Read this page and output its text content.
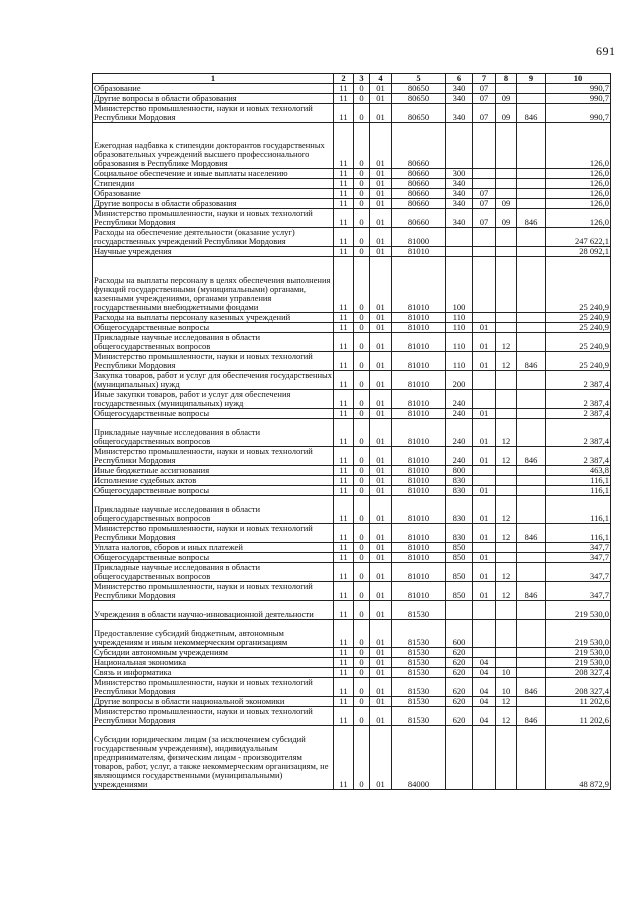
691
1	2	3	4	5	6	7	8	9	10
Образование	11	0	01	80650	340	07			990,7
Другие вопросы в области образования	11	0	01	80650	340	07	09		990,7
Министерство промышленности, науки и новых технологий Республики Мордовия	11	0	01	80650	340	07	09	846	990,7
Ежегодная надбавка к стипендии докторантов государственных образовательных учреждений высшего профессионального образования в Республике Мордовия	11	0	01	80660					126,0
Социальное обеспечение и иные выплаты населению	11	0	01	80660	300				126,0
Стипендии	11	0	01	80660	340				126,0
Образование	11	0	01	80660	340	07			126,0
Другие вопросы в области образования	11	0	01	80660	340	07	09		126,0
Министерство промышленности, науки и новых технологий Республики Мордовия	11	0	01	80660	340	07	09	846	126,0
Расходы на обеспечение деятельности (оказание услуг) государственных учреждений Республики Мордовия	11	0	01	81000					247 622,1
Научные учреждения	11	0	01	81010					28 092,1
Расходы на выплаты персоналу в целях обеспечения выполнения функций государственными (муниципальными) органами, казенными учреждениями, органами управления государственными внебюджетными фондами	11	0	01	81010	100				25 240,9
Расходы на выплаты персоналу казенных учреждений	11	0	01	81010	110				25 240,9
Общегосударственные вопросы	11	0	01	81010	110	01			25 240,9
Прикладные научные исследования в области общегосударственных вопросов	11	0	01	81010	110	01	12		25 240,9
Министерство промышленности, науки и новых технологий Республики Мордовия	11	0	01	81010	110	01	12	846	25 240,9
Закупка товаров, работ и услуг для обеспечения государственных (муниципальных) нужд	11	0	01	81010	200				2 387,4
Иные закупки товаров, работ и услуг для обеспечения государственных (муниципальных) нужд	11	0	01	81010	240				2 387,4
Общегосударственные вопросы	11	0	01	81010	240	01			2 387,4
Прикладные научные исследования в области общегосударственных вопросов	11	0	01	81010	240	01	12		2 387,4
Министерство промышленности, науки и новых технологий Республики Мордовия	11	0	01	81010	240	01	12	846	2 387,4
Иные бюджетные ассигнования	11	0	01	81010	800				463,8
Исполнение судебных актов	11	0	01	81010	830				116,1
Общегосударственные вопросы	11	0	01	81010	830	01			116,1
Прикладные научные исследования в области общегосударственных вопросов	11	0	01	81010	830	01	12		116,1
Министерство промышленности, науки и новых технологий Республики Мордовия	11	0	01	81010	830	01	12	846	116,1
Уплата налогов, сборов и иных платежей	11	0	01	81010	850				347,7
Общегосударственные вопросы	11	0	01	81010	850	01			347,7
Прикладные научные исследования в области общегосударственных вопросов	11	0	01	81010	850	01	12		347,7
Министерство промышленности, науки и новых технологий Республики Мордовия	11	0	01	81010	850	01	12	846	347,7
Учреждения в области научно-инновационной деятельности	11	0	01	81530					219 530,0
Предоставление субсидий бюджетным, автономным учреждениям и иным некоммерческим организациям	11	0	01	81530	600				219 530,0
Субсидии автономным учреждениям	11	0	01	81530	620				219 530,0
Национальная экономика	11	0	01	81530	620	04			219 530,0
Связь и информатика	11	0	01	81530	620	04	10		208 327,4
Министерство промышленности, науки и новых технологий Республики Мордовия	11	0	01	81530	620	04	10	846	208 327,4
Другие вопросы в области национальной экономики	11	0	01	81530	620	04	12		11 202,6
Министерство промышленности, науки и новых технологий Республики Мордовия	11	0	01	81530	620	04	12	846	11 202,6
Субсидии юридическим лицам (за исключением субсидий государственным учреждениям), индивидуальным предпринимателям, физическим лицам - производителям товаров, работ, услуг, а также некоммерческим организациям, не являющимся государственными (муниципальными) учреждениями	11	0	01	84000					48 872,9
